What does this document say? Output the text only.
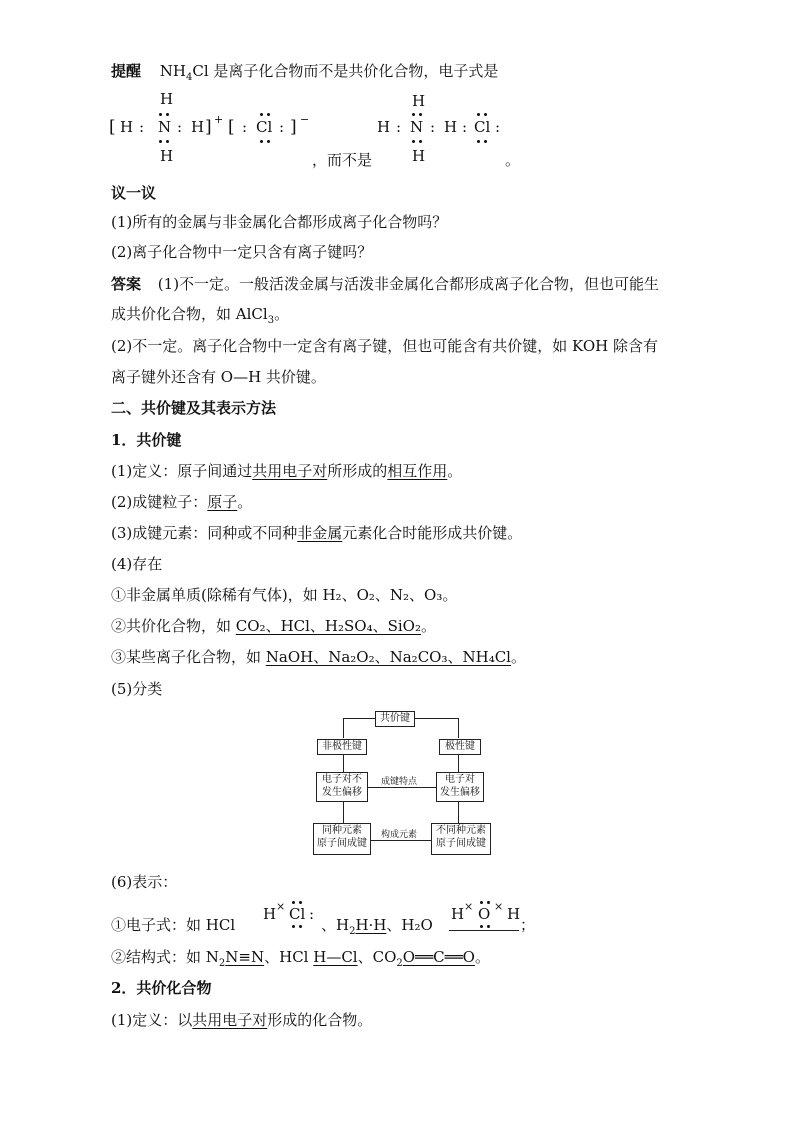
提醒 $NH_4Cl$ 是离子化合物而不是共价化合物，电子式是
H
[ H : N : H ] + [ : Cl : ] −
H	，而不是
H
H : N : H : Cl :
H	。
议一议
(1)所有的金属与非金属化合都形成离子化合物吗？
(2)离子化合物中一定只含有离子键吗？
答案 (1)不一定。一般活泼金属与活泼非金属化合都形成离子化合物，但也可能生
成共价化合物，如 AlCl$_3$。
(2)不一定。离子化合物中一定含有离子键，但也可能含有共价键，如 KOH 除含有
离子键外还含有 O—H 共价键。
二、共价键及其表示方法
1．共价键
(1)定义：原子间通过共用电子对所形成的相互作用。
(2)成键粒子：原子。
(3)成键元素：同种或不同种非金属元素化合时能形成共价键。
(4)存在
①非金属单质(除稀有气体)，如 H₂、O₂、N₂、O₃。
②共价化合物，如 CO₂、HCl、H₂SO₄、SiO₂。
③某些离子化合物，如 NaOH、Na₂O₂、Na₂CO₃、NH₄Cl。
(5)分类
共价键
非极性键	极性键
电子对不
发生偏移
电子对
发生偏移
成键特点
同种元素
原子间成键
不同种元素
原子间成键
构成元素
(6)表示：
①电子式：如 HCl
H × Cl :
、$H_2H\cdot H$、H₂O
H × O × H
；
②结构式：如 $N_2N\equiv N$、HCl H—Cl、$CO_2O══C══O$。
2．共价化合物
(1)定义：以共用电子对形成的化合物。
